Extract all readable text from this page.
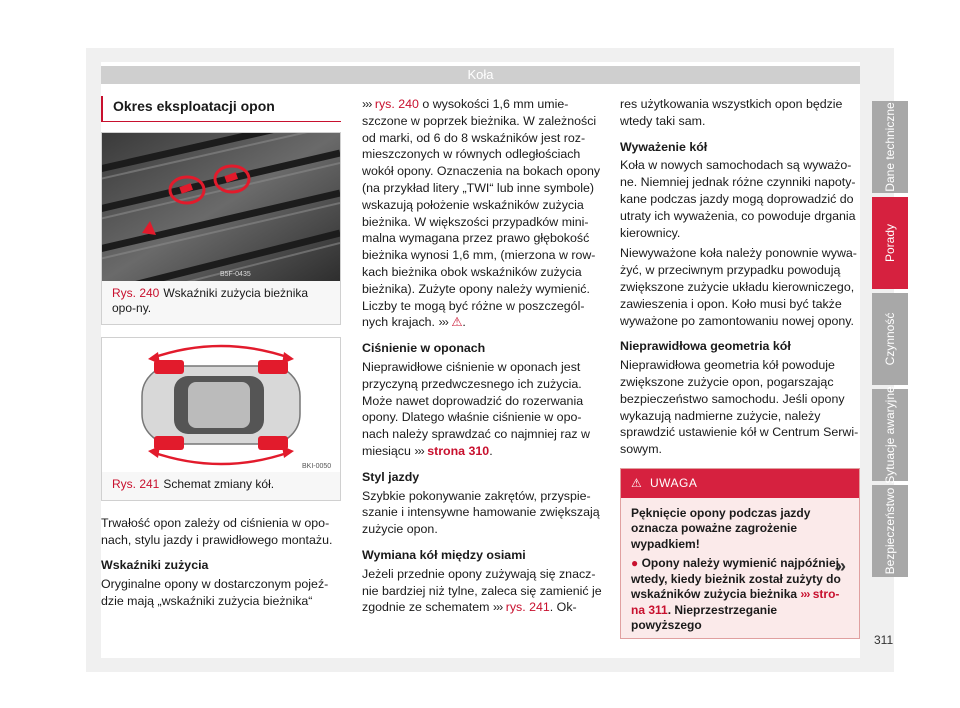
Koła
Okres eksploatacji opon
B5F-0435
Rys. 240 Wskaźniki zużycia bieżnika opo-ny.
BKI-0050
Rys. 241 Schemat zmiany kół.

Trwałość opon zależy od ciśnienia w opo-nach, stylu jazdy i prawidłowego montażu.

Wskaźniki zużycia

Oryginalne opony w dostarczonym pojeź-dzie mają „wskaźniki zużycia bieżnika“

››› rys. 240 o wysokości 1,6 mm umie-szczone w poprzek bieżnika. W zależności od marki, od 6 do 8 wskaźników jest roz-mieszczonych w równych odległościach wokół opony. Oznaczenia na bokach opony (na przykład litery „TWI“ lub inne symbole) wskazują położenie wskaźników zużycia bieżnika. W większości przypadków mini-malna wymagana przez prawo głębokość bieżnika wynosi 1,6 mm, (mierzona w row-kach bieżnika obok wskaźników zużycia bieżnika). Zużyte opony należy wymienić. Liczby te mogą być różne w poszczegól-nych krajach. ››› ⚠.

Ciśnienie w oponach

Nieprawidłowe ciśnienie w oponach jest przyczyną przedwczesnego ich zużycia. Może nawet doprowadzić do rozerwania opony. Dlatego właśnie ciśnienie w opo-nach należy sprawdzać co najmniej raz w miesiącu ››› strona 310.

Styl jazdy

Szybkie pokonywanie zakrętów, przyspie-szanie i intensywne hamowanie zwiększają zużycie opon.

Wymiana kół między osiami

Jeżeli przednie opony zużywają się znacz-nie bardziej niż tylne, zaleca się zamienić je zgodnie ze schematem ››› rys. 241. Ok-

res użytkowania wszystkich opon będzie wtedy taki sam.

Wyważenie kół

Koła w nowych samochodach są wyważo-ne. Niemniej jednak różne czynniki napoty-kane podczas jazdy mogą doprowadzić do utraty ich wyważenia, co powoduje drgania kierownicy.

Niewyważone koła należy ponownie wywa-żyć, w przeciwnym przypadku powodują zwiększone zużycie układu kierowniczego, zawieszenia i opon. Koło musi być także wyważone po zamontowaniu nowej opony.

Nieprawidłowa geometria kół

Nieprawidłowa geometria kół powoduje zwiększone zużycie opon, pogarszając bezpieczeństwo samochodu. Jeśli opony wykazują nadmierne zużycie, należy sprawdzić ustawienie kół w Centrum Serwi-sowym.

⚠ UWAGA

Pęknięcie opony podczas jazdy oznacza poważne zagrożenie wypadkiem!

● Opony należy wymienić najpóźniej wtedy, kiedy bieżnik został zużyty do wskaźników zużycia bieżnika ››› stro-na 311. Nieprzestrzeganie powyższego

»
Dane techniczne
Porady
Czynność
Sytuacje awaryjne
Bezpieczeństwo
311
